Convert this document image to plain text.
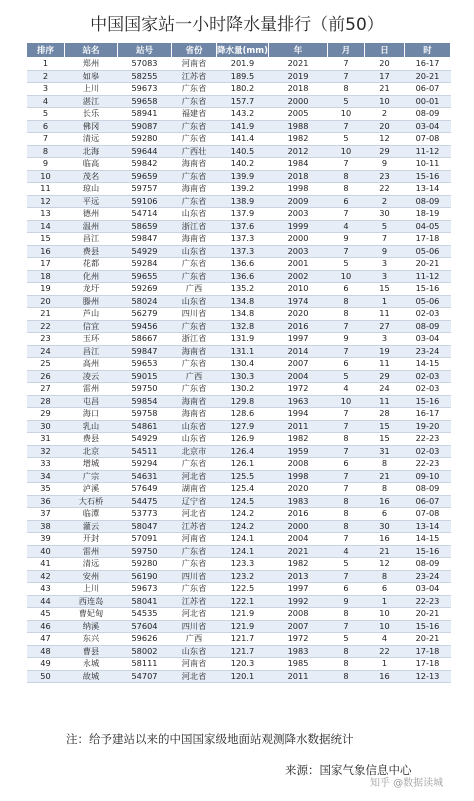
中国国家站一小时降水量排行（前50）
排序	站名	站号	省份	降水量(mm)	年	月	日	时
1	郑州	57083	河南省	201.9	2021	7	20	16-17
2	如皋	58255	江苏省	189.5	2019	7	17	20-21
3	上川	59673	广东省	180.2	2018	8	21	06-07
4	湛江	59658	广东省	157.7	2000	5	10	00-01
5	长乐	58941	福建省	143.2	2005	10	2	08-09
6	佛冈	59087	广东省	141.9	1988	7	20	03-04
7	清远	59280	广东省	141.4	1982	5	12	07-08
8	北海	59644	广西壮	140.5	2012	10	29	11-12
9	临高	59842	海南省	140.2	1984	7	9	10-11
10	茂名	59659	广东省	139.9	2018	8	23	15-16
11	琼山	59757	海南省	139.2	1998	8	22	13-14
12	平远	59106	广东省	138.9	2009	6	2	08-09
13	德州	54714	山东省	137.9	2003	7	30	18-19
14	温州	58659	浙江省	137.6	1999	4	5	04-05
15	昌江	59847	海南省	137.3	2000	9	7	17-18
16	费县	54929	山东省	137.3	2003	7	9	05-06
17	花都	59284	广东省	136.6	2001	5	3	20-21
18	化州	59655	广东省	136.6	2002	10	3	11-12
19	龙圩	59269	广西	135.2	2010	6	15	15-16
20	滕州	58024	山东省	134.8	1974	8	1	05-06
21	芦山	56279	四川省	134.8	2020	8	11	02-03
22	信宜	59456	广东省	132.8	2016	7	27	08-09
23	玉环	58667	浙江省	131.9	1997	9	3	03-04
24	昌江	59847	海南省	131.1	2014	7	19	23-24
25	高州	59653	广东省	130.4	2007	6	11	14-15
26	凌云	59015	广西	130.3	2004	5	29	02-03
27	雷州	59750	广东省	130.2	1972	4	24	02-03
28	屯昌	59854	海南省	129.8	1963	10	11	15-16
29	海口	59758	海南省	128.6	1994	7	28	16-17
30	乳山	54861	山东省	127.9	2011	7	15	19-20
31	费县	54929	山东省	126.9	1982	8	15	22-23
32	北京	54511	北京市	126.4	1959	7	31	02-03
33	增城	59294	广东省	126.1	2008	6	8	22-23
34	广宗	54631	河北省	125.5	1998	7	21	09-10
35	泸溪	57649	湖南省	125.4	2020	7	8	08-09
36	大石桥	54475	辽宁省	124.5	1983	8	16	06-07
37	临潭	53773	河北省	124.2	2016	8	6	07-08
38	灌云	58047	江苏省	124.2	2000	8	30	13-14
39	开封	57091	河南省	124.1	2004	7	16	14-15
40	雷州	59750	广东省	124.1	2021	4	21	15-16
41	清远	59280	广东省	123.3	1982	5	12	08-09
42	安州	56190	四川省	123.2	2013	7	8	23-24
43	上川	59673	广东省	122.5	1997	6	6	03-04
44	西连岛	58041	江苏省	122.1	1992	9	1	22-23
45	曹妃甸	54535	河北省	121.9	2008	8	10	20-21
46	纳溪	57604	四川省	121.9	2007	7	10	15-16
47	东兴	59626	广西	121.7	1972	5	4	20-21
48	曹县	58002	山东省	121.7	1983	8	22	17-18
49	永城	58111	河南省	120.3	1985	8	1	17-18
50	故城	54707	河北省	120.1	2011	8	16	12-13
注：给予建站以来的中国国家级地面站观测降水数据统计
来源：国家气象信息中心
知乎 @数据读城
